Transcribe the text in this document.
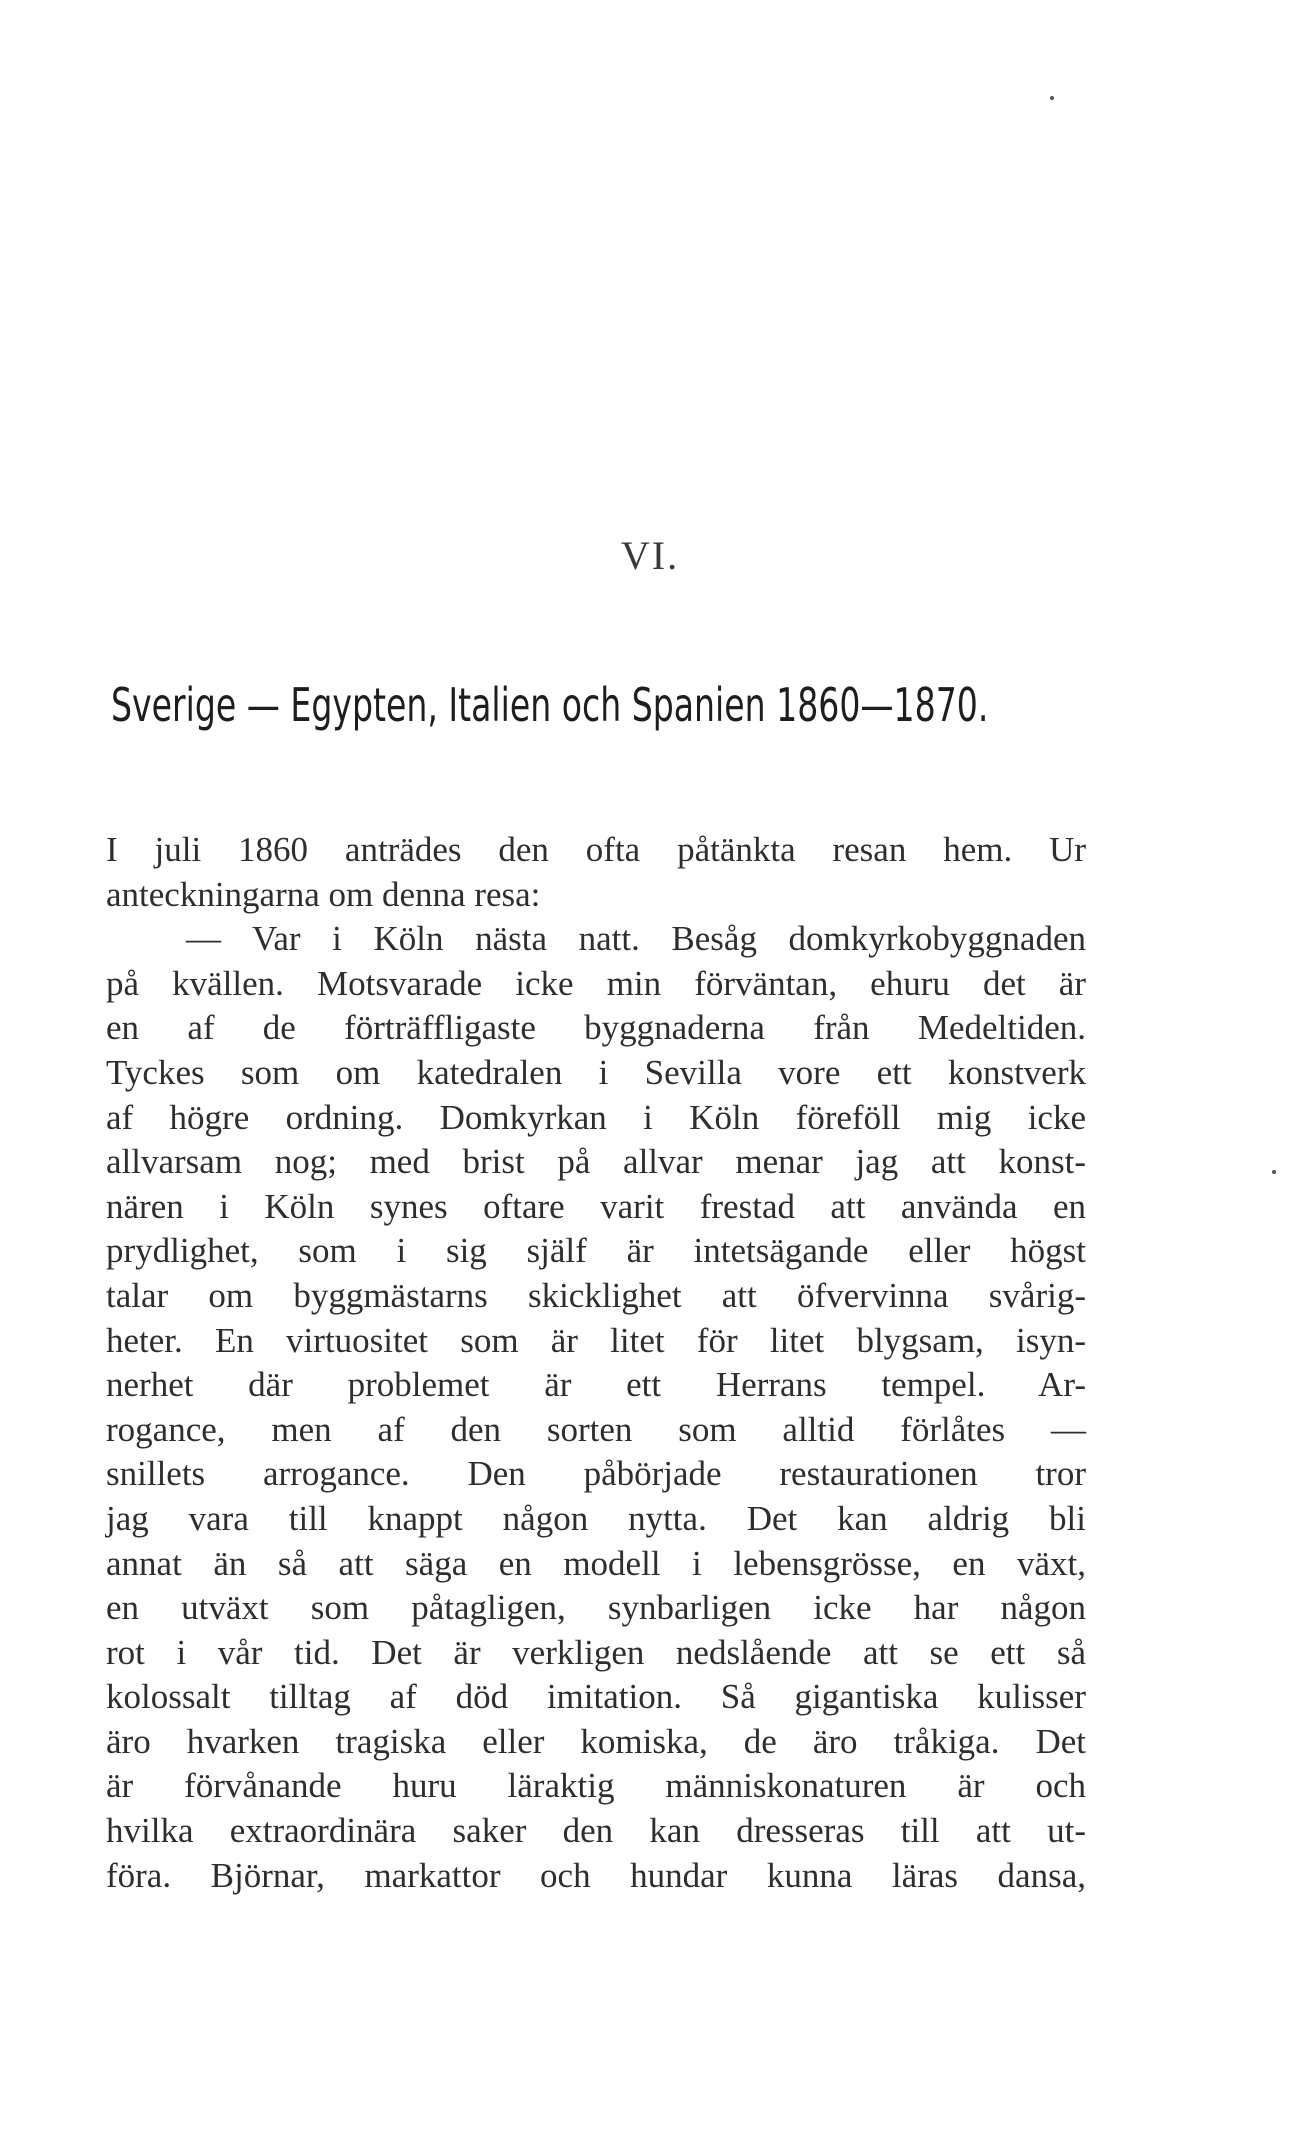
VI.
Sverige — Egypten, Italien och Spanien 1860—1870.
I juli 1860 anträdes den ofta påtänkta resan hem. Ur
anteckningarna om denna resa:
— Var i Köln nästa natt. Besåg domkyrkobyggnaden
på kvällen. Motsvarade icke min förväntan, ehuru det är
en af de förträffligaste byggnaderna från Medeltiden.
Tyckes som om katedralen i Sevilla vore ett konstverk
af högre ordning. Domkyrkan i Köln föreföll mig icke
allvarsam nog; med brist på allvar menar jag att konst-
nären i Köln synes oftare varit frestad att använda en
prydlighet, som i sig själf är intetsägande eller högst
talar om byggmästarns skicklighet att öfvervinna svårig-
heter. En virtuositet som är litet för litet blygsam, isyn-
nerhet där problemet är ett Herrans tempel. Ar-
rogance, men af den sorten som alltid förlåtes —
snillets arrogance. Den påbörjade restaurationen tror
jag vara till knappt någon nytta. Det kan aldrig bli
annat än så att säga en modell i lebensgrösse, en växt,
en utväxt som påtagligen, synbarligen icke har någon
rot i vår tid. Det är verkligen nedslående att se ett så
kolossalt tilltag af död imitation. Så gigantiska kulisser
äro hvarken tragiska eller komiska, de äro tråkiga. Det
är förvånande huru läraktig människonaturen är och
hvilka extraordinära saker den kan dresseras till att ut-
föra. Björnar, markattor och hundar kunna läras dansa,
